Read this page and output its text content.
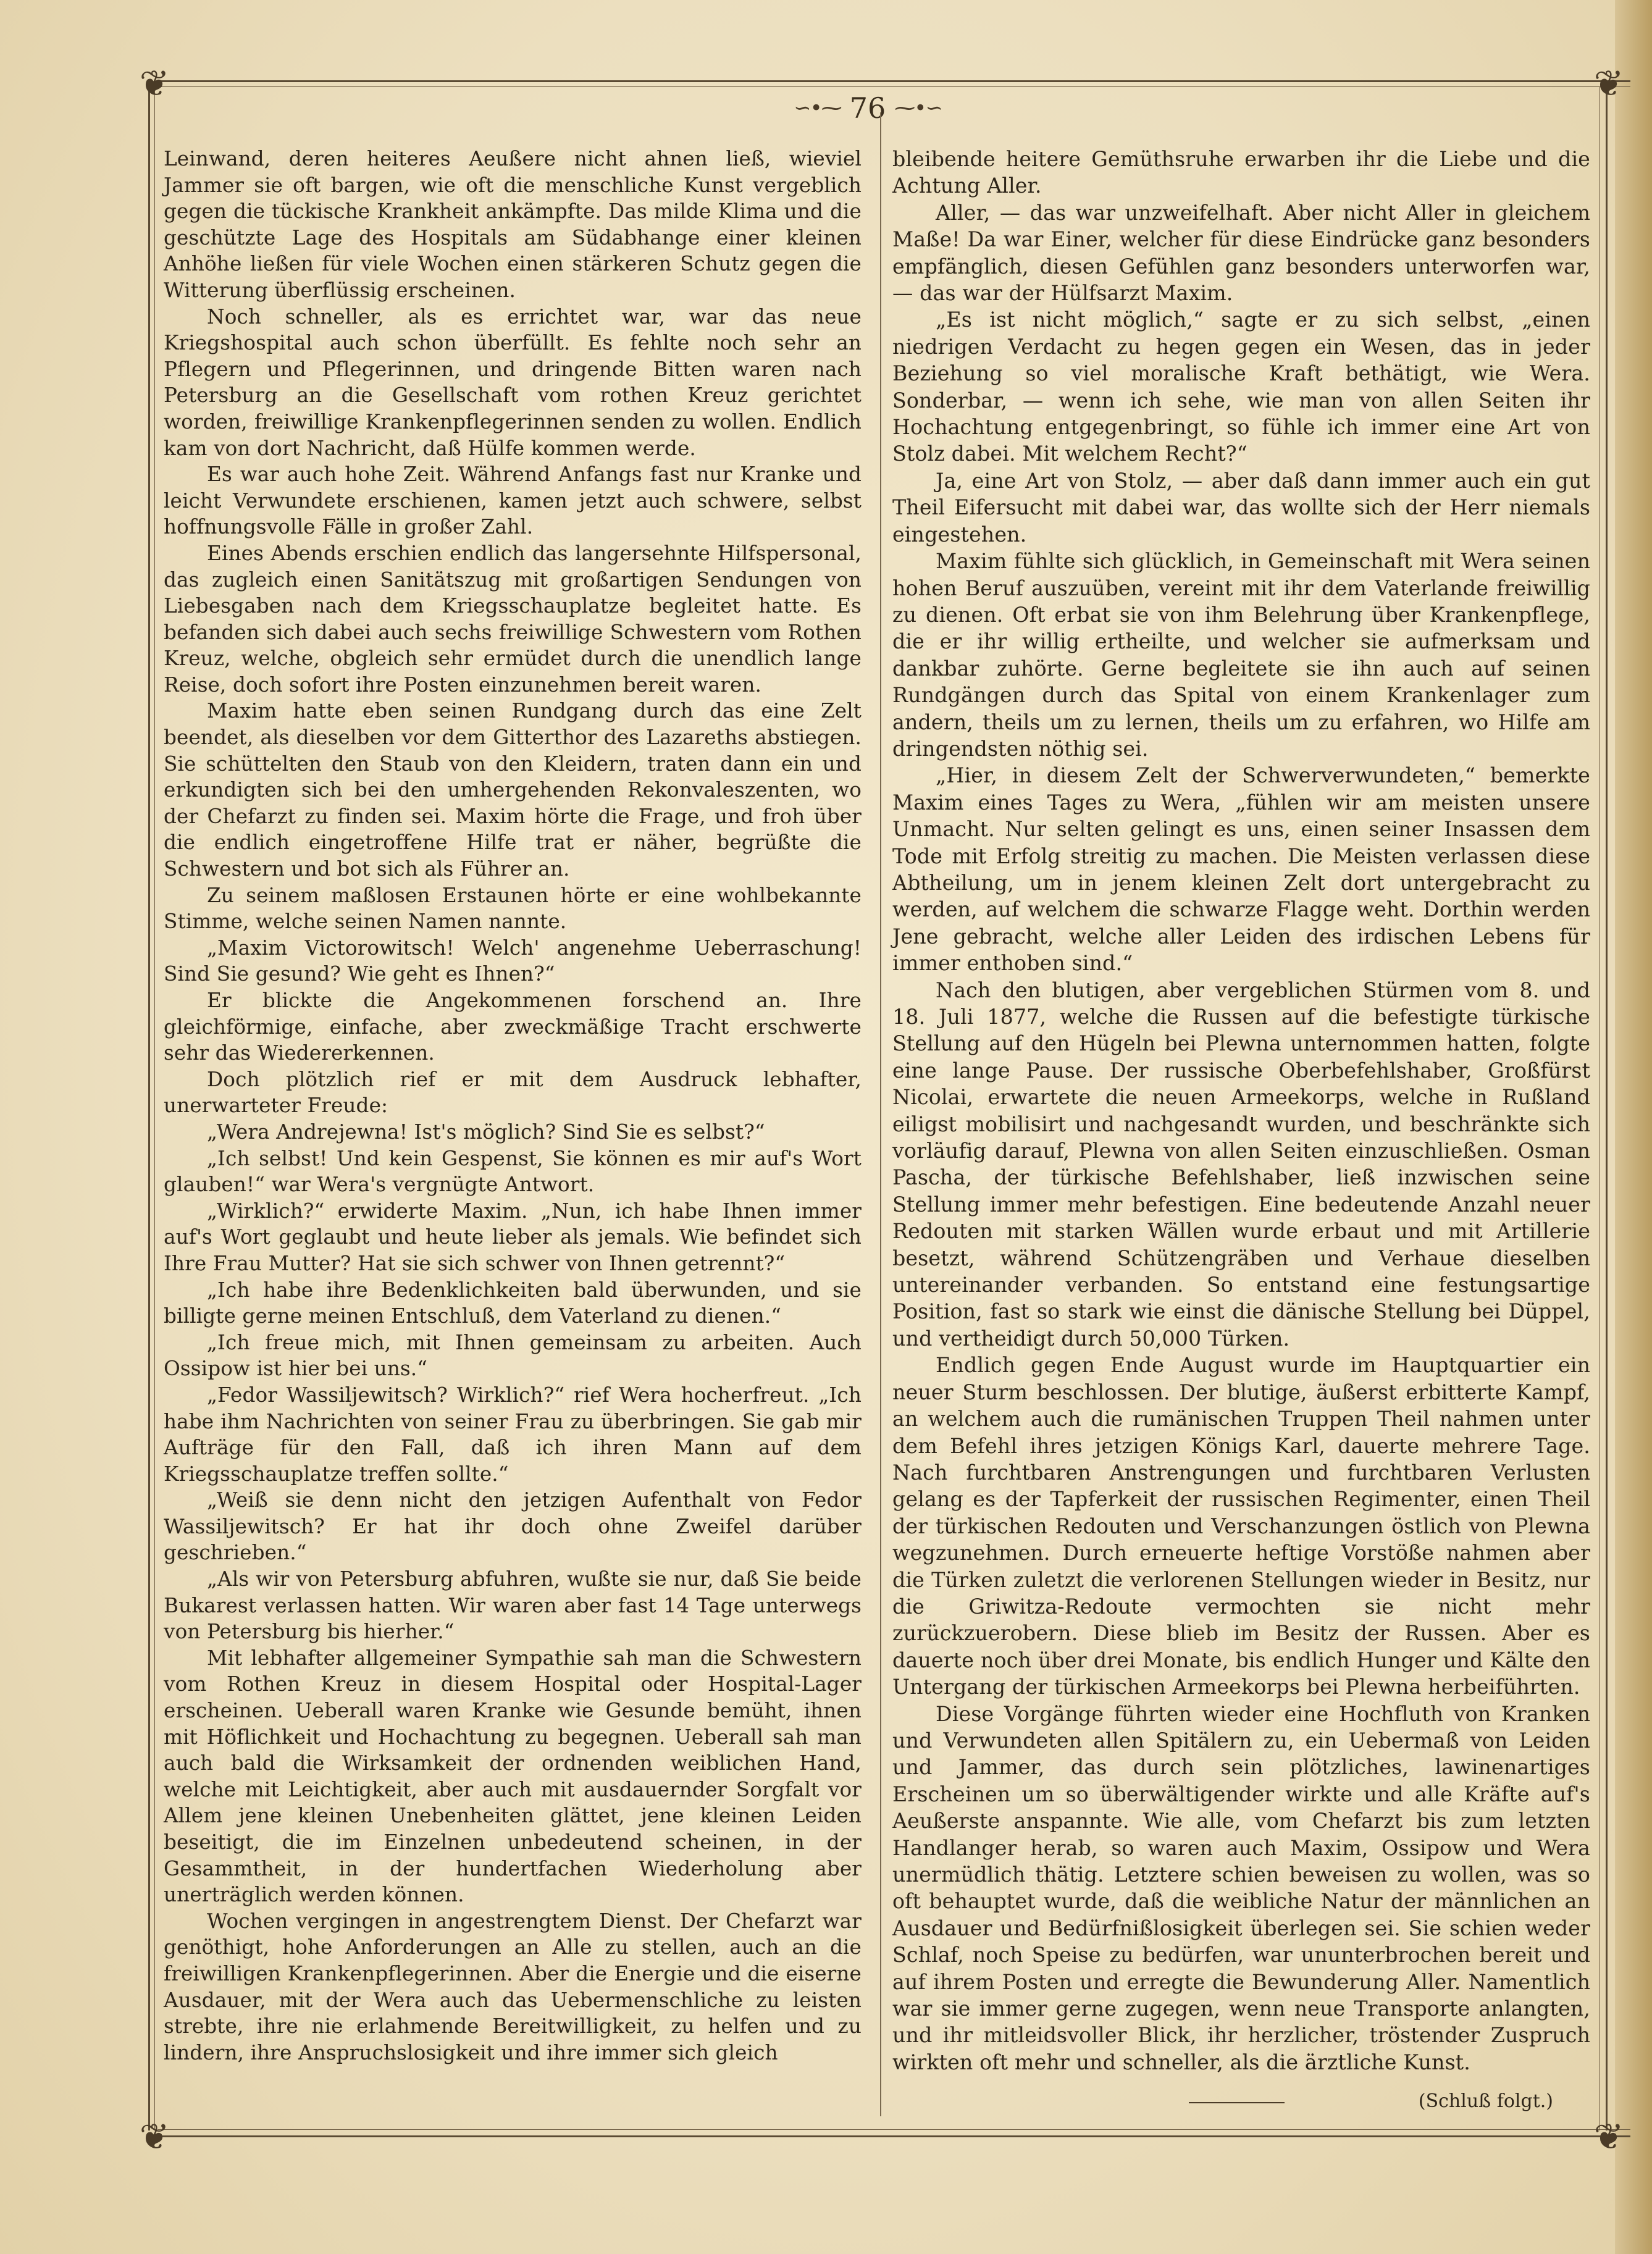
❦	❦
❦	❦
∽•⁓ 76 ⁓•∽

Leinwand, deren heiteres Aeußere nicht ahnen ließ, wieviel Jammer sie oft bargen, wie oft die menschliche Kunst vergeblich gegen die tückische Krankheit ankämpfte. Das milde Klima und die geschützte Lage des Hospitals am Südabhange einer kleinen Anhöhe ließen für viele Wochen einen stärkeren Schutz gegen die Witterung überflüssig erscheinen.

Noch schneller, als es errichtet war, war das neue Kriegshospital auch schon überfüllt. Es fehlte noch sehr an Pflegern und Pflegerinnen, und dringende Bitten waren nach Petersburg an die Gesellschaft vom rothen Kreuz gerichtet worden, freiwillige Krankenpflegerinnen senden zu wollen. Endlich kam von dort Nachricht, daß Hülfe kommen werde.

Es war auch hohe Zeit. Während Anfangs fast nur Kranke und leicht Verwundete erschienen, kamen jetzt auch schwere, selbst hoffnungsvolle Fälle in großer Zahl.

Eines Abends erschien endlich das langersehnte Hilfspersonal, das zugleich einen Sanitätszug mit großartigen Sendungen von Liebesgaben nach dem Kriegsschauplatze begleitet hatte. Es befanden sich dabei auch sechs freiwillige Schwestern vom Rothen Kreuz, welche, obgleich sehr ermüdet durch die unendlich lange Reise, doch sofort ihre Posten einzunehmen bereit waren.

Maxim hatte eben seinen Rundgang durch das eine Zelt beendet, als dieselben vor dem Gitterthor des Lazareths abstiegen. Sie schüttelten den Staub von den Kleidern, traten dann ein und erkundigten sich bei den umhergehenden Rekonvaleszenten, wo der Chefarzt zu finden sei. Maxim hörte die Frage, und froh über die endlich eingetroffene Hilfe trat er näher, begrüßte die Schwestern und bot sich als Führer an.

Zu seinem maßlosen Erstaunen hörte er eine wohlbekannte Stimme, welche seinen Namen nannte.

„Maxim Victorowitsch! Welch' angenehme Ueberraschung! Sind Sie gesund? Wie geht es Ihnen?“

Er blickte die Angekommenen forschend an. Ihre gleichförmige, einfache, aber zweckmäßige Tracht erschwerte sehr das Wiedererkennen.

Doch plötzlich rief er mit dem Ausdruck lebhafter, unerwarteter Freude:

„Wera Andrejewna! Ist's möglich? Sind Sie es selbst?“

„Ich selbst! Und kein Gespenst, Sie können es mir auf's Wort glauben!“ war Wera's vergnügte Antwort.

„Wirklich?“ erwiderte Maxim. „Nun, ich habe Ihnen immer auf's Wort geglaubt und heute lieber als jemals. Wie befindet sich Ihre Frau Mutter? Hat sie sich schwer von Ihnen getrennt?“

„Ich habe ihre Bedenklichkeiten bald überwunden, und sie billigte gerne meinen Entschluß, dem Vaterland zu dienen.“

„Ich freue mich, mit Ihnen gemeinsam zu arbeiten. Auch Ossipow ist hier bei uns.“

„Fedor Wassiljewitsch? Wirklich?“ rief Wera hocherfreut. „Ich habe ihm Nachrichten von seiner Frau zu überbringen. Sie gab mir Aufträge für den Fall, daß ich ihren Mann auf dem Kriegsschauplatze treffen sollte.“

„Weiß sie denn nicht den jetzigen Aufenthalt von Fedor Wassiljewitsch? Er hat ihr doch ohne Zweifel darüber geschrieben.“

„Als wir von Petersburg abfuhren, wußte sie nur, daß Sie beide Bukarest verlassen hatten. Wir waren aber fast 14 Tage unterwegs von Petersburg bis hierher.“

Mit lebhafter allgemeiner Sympathie sah man die Schwestern vom Rothen Kreuz in diesem Hospital oder Hospital-Lager erscheinen. Ueberall waren Kranke wie Gesunde bemüht, ihnen mit Höflichkeit und Hochachtung zu begegnen. Ueberall sah man auch bald die Wirksamkeit der ordnenden weiblichen Hand, welche mit Leichtigkeit, aber auch mit ausdauernder Sorgfalt vor Allem jene kleinen Unebenheiten glättet, jene kleinen Leiden beseitigt, die im Einzelnen unbedeutend scheinen, in der Gesammtheit, in der hundertfachen Wiederholung aber unerträglich werden können.

Wochen vergingen in angestrengtem Dienst. Der Chefarzt war genöthigt, hohe Anforderungen an Alle zu stellen, auch an die freiwilligen Krankenpflegerinnen. Aber die Energie und die eiserne Ausdauer, mit der Wera auch das Uebermenschliche zu leisten strebte, ihre nie erlahmende Bereitwilligkeit, zu helfen und zu lindern, ihre Anspruchslosigkeit und ihre immer sich gleich

bleibende heitere Gemüthsruhe erwarben ihr die Liebe und die Achtung Aller.

Aller, — das war unzweifelhaft. Aber nicht Aller in gleichem Maße! Da war Einer, welcher für diese Eindrücke ganz besonders empfänglich, diesen Gefühlen ganz besonders unterworfen war, — das war der Hülfsarzt Maxim.

„Es ist nicht möglich,“ sagte er zu sich selbst, „einen niedrigen Verdacht zu hegen gegen ein Wesen, das in jeder Beziehung so viel moralische Kraft bethätigt, wie Wera. Sonderbar, — wenn ich sehe, wie man von allen Seiten ihr Hochachtung entgegenbringt, so fühle ich immer eine Art von Stolz dabei. Mit welchem Recht?“

Ja, eine Art von Stolz, — aber daß dann immer auch ein gut Theil Eifersucht mit dabei war, das wollte sich der Herr niemals eingestehen.

Maxim fühlte sich glücklich, in Gemeinschaft mit Wera seinen hohen Beruf auszuüben, vereint mit ihr dem Vaterlande freiwillig zu dienen. Oft erbat sie von ihm Belehrung über Krankenpflege, die er ihr willig ertheilte, und welcher sie aufmerksam und dankbar zuhörte. Gerne begleitete sie ihn auch auf seinen Rundgängen durch das Spital von einem Krankenlager zum andern, theils um zu lernen, theils um zu erfahren, wo Hilfe am dringendsten nöthig sei.

„Hier, in diesem Zelt der Schwerverwundeten,“ bemerkte Maxim eines Tages zu Wera, „fühlen wir am meisten unsere Unmacht. Nur selten gelingt es uns, einen seiner Insassen dem Tode mit Erfolg streitig zu machen. Die Meisten verlassen diese Abtheilung, um in jenem kleinen Zelt dort untergebracht zu werden, auf welchem die schwarze Flagge weht. Dorthin werden Jene gebracht, welche aller Leiden des irdischen Lebens für immer enthoben sind.“

Nach den blutigen, aber vergeblichen Stürmen vom 8. und 18. Juli 1877, welche die Russen auf die befestigte türkische Stellung auf den Hügeln bei Plewna unternommen hatten, folgte eine lange Pause. Der russische Oberbefehlshaber, Großfürst Nicolai, erwartete die neuen Armeekorps, welche in Rußland eiligst mobilisirt und nachgesandt wurden, und beschränkte sich vorläufig darauf, Plewna von allen Seiten einzuschließen. Osman Pascha, der türkische Befehlshaber, ließ inzwischen seine Stellung immer mehr befestigen. Eine bedeutende Anzahl neuer Redouten mit starken Wällen wurde erbaut und mit Artillerie besetzt, während Schützengräben und Verhaue dieselben untereinander verbanden. So entstand eine festungsartige Position, fast so stark wie einst die dänische Stellung bei Düppel, und vertheidigt durch 50,000 Türken.

Endlich gegen Ende August wurde im Hauptquartier ein neuer Sturm beschlossen. Der blutige, äußerst erbitterte Kampf, an welchem auch die rumänischen Truppen Theil nahmen unter dem Befehl ihres jetzigen Königs Karl, dauerte mehrere Tage. Nach furchtbaren Anstrengungen und furchtbaren Verlusten gelang es der Tapferkeit der russischen Regimenter, einen Theil der türkischen Redouten und Verschanzungen östlich von Plewna wegzunehmen. Durch erneuerte heftige Vorstöße nahmen aber die Türken zuletzt die verlorenen Stellungen wieder in Besitz, nur die Griwitza-Redoute vermochten sie nicht mehr zurückzuerobern. Diese blieb im Besitz der Russen. Aber es dauerte noch über drei Monate, bis endlich Hunger und Kälte den Untergang der türkischen Armeekorps bei Plewna herbeiführten.

Diese Vorgänge führten wieder eine Hochfluth von Kranken und Verwundeten allen Spitälern zu, ein Uebermaß von Leiden und Jammer, das durch sein plötzliches, lawinenartiges Erscheinen um so überwältigender wirkte und alle Kräfte auf's Aeußerste anspannte. Wie alle, vom Chefarzt bis zum letzten Handlanger herab, so waren auch Maxim, Ossipow und Wera unermüdlich thätig. Letztere schien beweisen zu wollen, was so oft behauptet wurde, daß die weibliche Natur der männlichen an Ausdauer und Bedürfnißlosigkeit überlegen sei. Sie schien weder Schlaf, noch Speise zu bedürfen, war ununterbrochen bereit und auf ihrem Posten und erregte die Bewunderung Aller. Namentlich war sie immer gerne zugegen, wenn neue Transporte anlangten, und ihr mitleidsvoller Blick, ihr herzlicher, tröstender Zuspruch wirkten oft mehr und schneller, als die ärztliche Kunst.

(Schluß folgt.)
